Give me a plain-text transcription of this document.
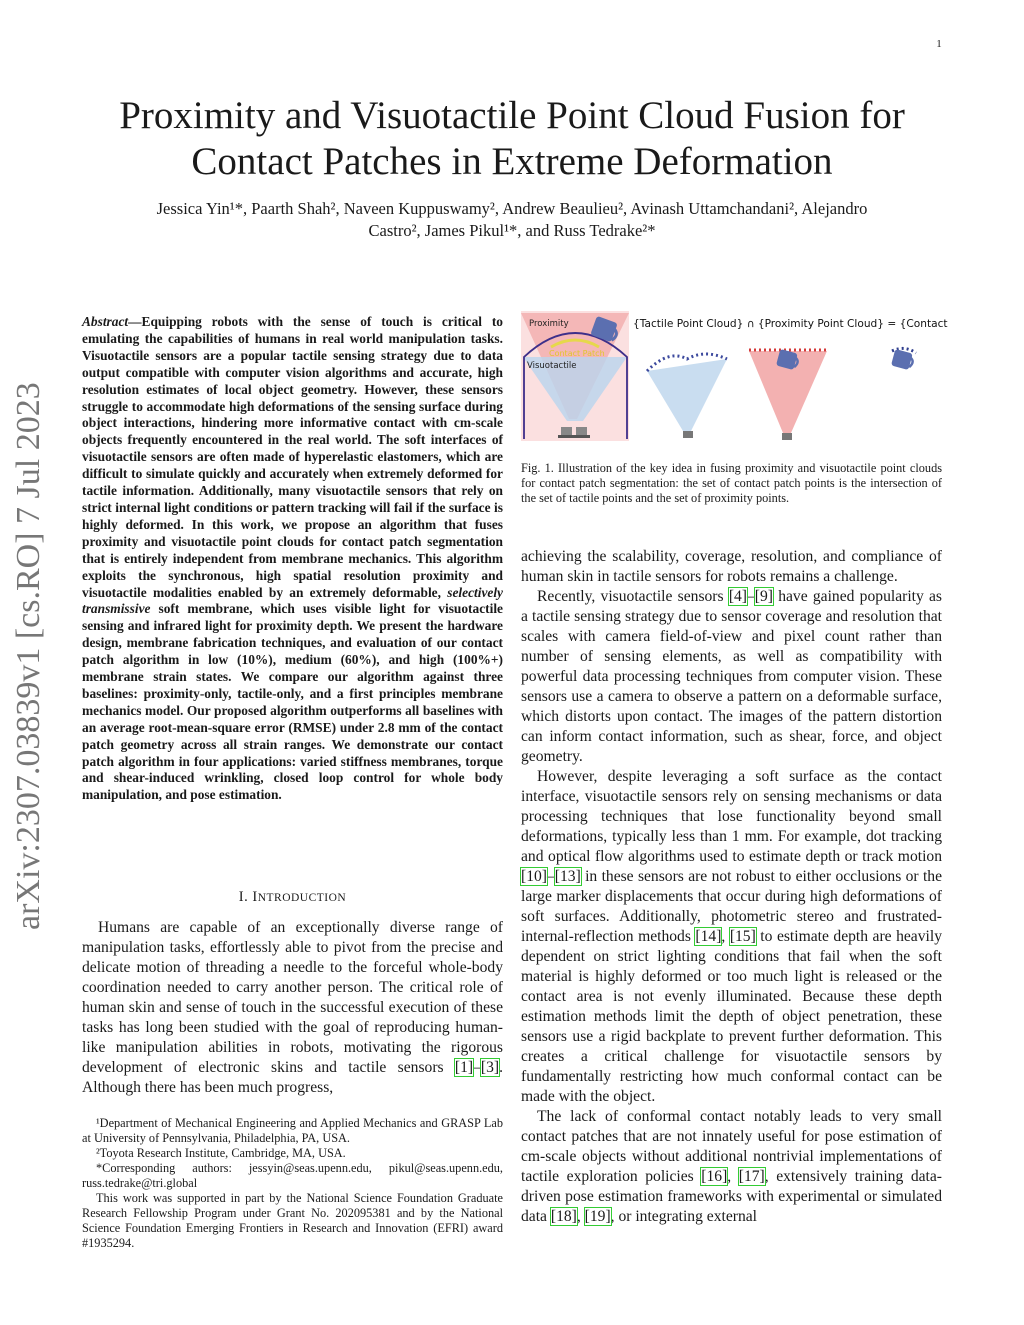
1
arXiv:2307.03839v1 [cs.RO] 7 Jul 2023
Proximity and Visuotactile Point Cloud Fusion for
Contact Patches in Extreme Deformation
Jessica Yin¹*, Paarth Shah², Naveen Kuppuswamy², Andrew Beaulieu², Avinash Uttamchandani², Alejandro
Castro², James Pikul¹*, and Russ Tedrake²*
Abstract—Equipping robots with the sense of touch is critical to emulating the capabilities of humans in real world manipulation tasks. Visuotactile sensors are a popular tactile sensing strategy due to data output compatible with computer vision algorithms and accurate, high resolution estimates of local object geometry. However, these sensors struggle to accommodate high deformations of the sensing surface during object interactions, hindering more informative contact with cm-scale objects frequently encountered in the real world. The soft interfaces of visuotactile sensors are often made of hyperelastic elastomers, which are difficult to simulate quickly and accurately when extremely deformed for tactile information. Additionally, many visuotactile sensors that rely on strict internal light conditions or pattern tracking will fail if the surface is highly deformed. In this work, we propose an algorithm that fuses proximity and visuotactile point clouds for contact patch segmentation that is entirely independent from membrane mechanics. This algorithm exploits the synchronous, high spatial resolution proximity and visuotactile modalities enabled by an extremely deformable, selectively transmissive soft membrane, which uses visible light for visuotactile sensing and infrared light for proximity depth. We present the hardware design, membrane fabrication techniques, and evaluation of our contact patch algorithm in low (10%), medium (60%), and high (100%+) membrane strain states. We compare our algorithm against three baselines: proximity-only, tactile-only, and a first principles membrane mechanics model. Our proposed algorithm outperforms all baselines with an average root-mean-square error (RMSE) under 2.8 mm of the contact patch geometry across all strain ranges. We demonstrate our contact patch algorithm in four applications: varied stiffness membranes, torque and shear-induced wrinkling, closed loop control for whole body manipulation, and pose estimation.
I. INTRODUCTION

Humans are capable of an exceptionally diverse range of manipulation tasks, effortlessly able to pivot from the precise and delicate motion of threading a needle to the forceful whole-body coordination needed to carry another person. The critical role of human skin and sense of touch in the successful execution of these tasks has long been studied with the goal of reproducing human-like manipulation abilities in robots, motivating the rigorous development of electronic skins and tactile sensors [1]–[3]. Although there has been much progress,

¹Department of Mechanical Engineering and Applied Mechanics and GRASP Lab at University of Pennsylvania, Philadelphia, PA, USA.

²Toyota Research Institute, Cambridge, MA, USA.

*Corresponding authors: jessyin@seas.upenn.edu, pikul@seas.upenn.edu, russ.tedrake@tri.global

This work was supported in part by the National Science Foundation Graduate Research Fellowship Program under Grant No. 202095381 and by the National Science Foundation Emerging Frontiers in Research and Innovation (EFRI) award #1935294.

Proximity
Contact Patch
Visuotactile
{Tactile Point Cloud} ∩ {Proximity Point Cloud} = {Contact Patch}
Fig. 1. Illustration of the key idea in fusing proximity and visuotactile point clouds for contact patch segmentation: the set of contact patch points is the intersection of the set of tactile points and the set of proximity points.

achieving the scalability, coverage, resolution, and compliance of human skin in tactile sensors for robots remains a challenge.

Recently, visuotactile sensors [4]–[9] have gained popularity as a tactile sensing strategy due to sensor coverage and resolution that scales with camera field-of-view and pixel count rather than number of sensing elements, as well as compatibility with powerful data processing techniques from computer vision. These sensors use a camera to observe a pattern on a deformable surface, which distorts upon contact. The images of the pattern distortion can inform contact information, such as shear, force, and object geometry.

However, despite leveraging a soft surface as the contact interface, visuotactile sensors rely on sensing mechanisms or data processing techniques that lose functionality beyond small deformations, typically less than 1 mm. For example, dot tracking and optical flow algorithms used to estimate depth or track motion [10]–[13] in these sensors are not robust to either occlusions or the large marker displacements that occur during high deformations of soft surfaces. Additionally, photometric stereo and frustrated-internal-reflection methods [14], [15] to estimate depth are heavily dependent on strict lighting conditions that fail when the soft material is highly deformed or too much light is released or the contact area is not evenly illuminated. Because these depth estimation methods limit the depth of object penetration, these sensors use a rigid backplate to prevent further deformation. This creates a critical challenge for visuotactile sensors by fundamentally restricting how much conformal contact can be made with the object.

The lack of conformal contact notably leads to very small contact patches that are not innately useful for pose estimation of cm-scale objects without additional nontrivial implementations of tactile exploration policies [16], [17], extensively training data-driven pose estimation frameworks with experimental or simulated data [18], [19], or integrating external
